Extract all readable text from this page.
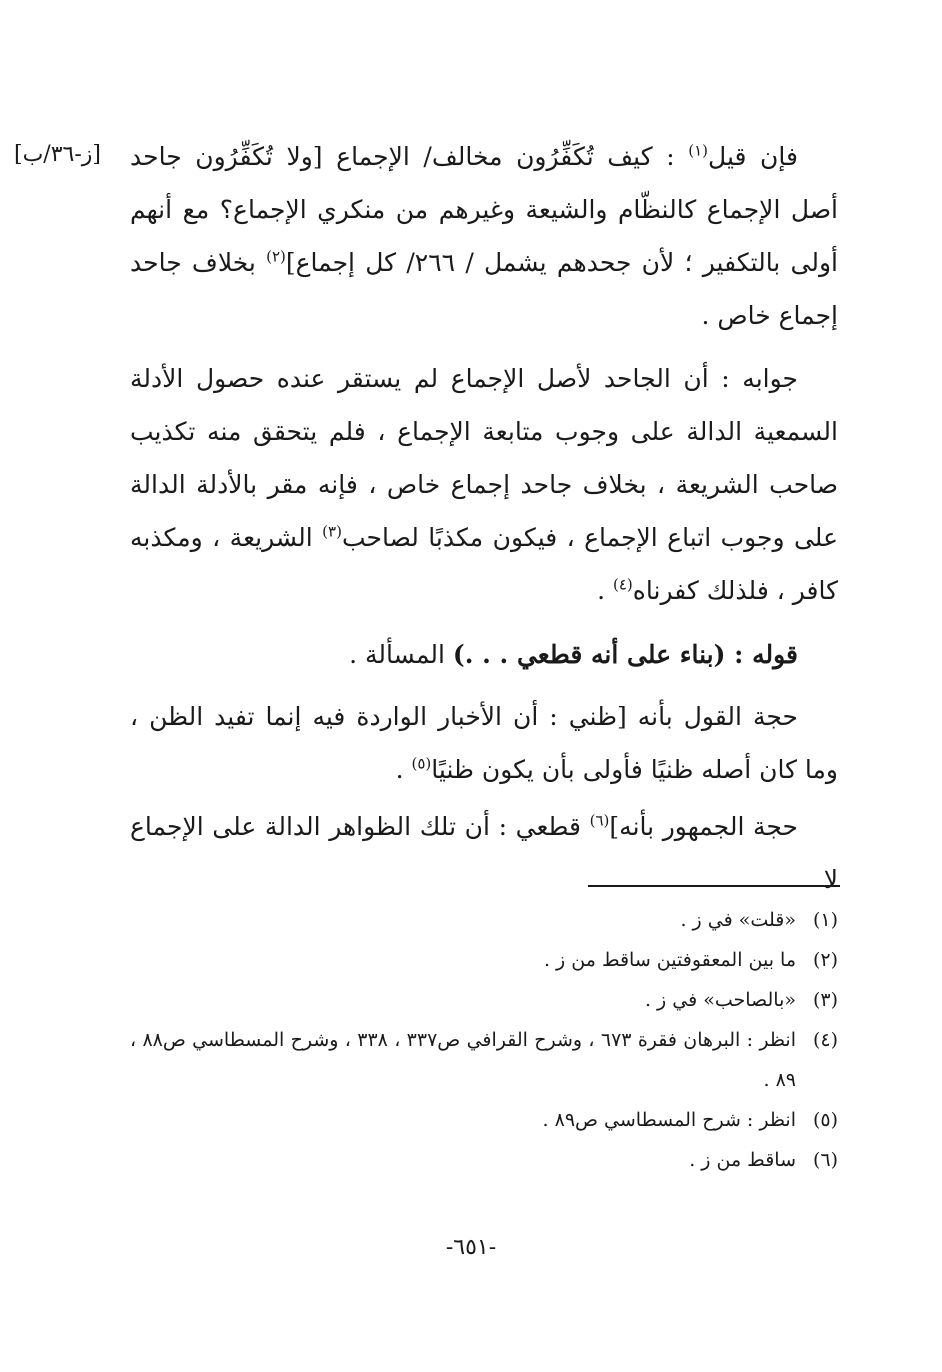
[ز-٣٦/ب]	فإن قيل$^{(١)}$ : كيف تُكَفِّرُون مخالف/ الإجماع [ولا تُكَفِّرُون جاحد أصل الإجماع كالنظّام والشيعة وغيرهم من منكري الإجماع؟ مع أنهم أولى بالتكفير ؛ لأن جحدهم يشمل / ٢٦٦/ كل إجماع]$^{(٢)}$ بخلاف جاحد إجماع خاص .

جوابه : أن الجاحد لأصل الإجماع لم يستقر عنده حصول الأدلة السمعية الدالة على وجوب متابعة الإجماع ، فلم يتحقق منه تكذيب صاحب الشريعة ، بخلاف جاحد إجماع خاص ، فإنه مقر بالأدلة الدالة على وجوب اتباع الإجماع ، فيكون مكذبًا لصاحب$^{(٣)}$ الشريعة ، ومكذبه كافر ، فلذلك كفرناه$^{(٤)}$ .

قوله : (بناء على أنه قطعي . . .) المسألة .

حجة القول بأنه [ظني : أن الأخبار الواردة فيه إنما تفيد الظن ، وما كان أصله ظنيًا فأولى بأن يكون ظنيًا$^{(٥)}$ .

حجة الجمهور بأنه]$^{(٦)}$ قطعي : أن تلك الظواهر الدالة على الإجماع لا

(١)
«قلت» في ز .
(٢)
ما بين المعقوفتين ساقط من ز .
(٣)
«بالصاحب» في ز .
(٤)
انظر : البرهان فقرة ٦٧٣ ، وشرح القرافي ص٣٣٧ ، ٣٣٨ ، وشرح المسطاسي ص٨٨ ، ٨٩ .
(٥)
انظر : شرح المسطاسي ص٨٩ .
(٦)
ساقط من ز .
-٦٥١-
